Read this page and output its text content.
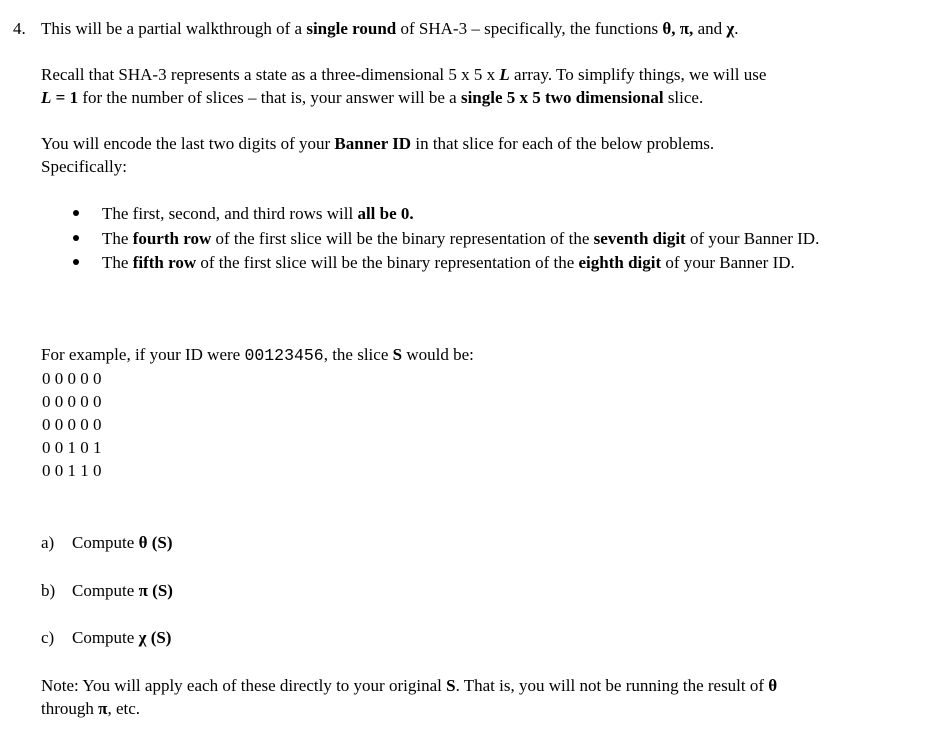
4. This will be a partial walkthrough of a single round of SHA-3 – specifically, the functions θ, π, and χ.
Recall that SHA-3 represents a state as a three-dimensional 5 x 5 x L array. To simplify things, we will use
L = 1 for the number of slices – that is, your answer will be a single 5 x 5 two dimensional slice.
You will encode the last two digits of your Banner ID in that slice for each of the below problems.
Specifically:
The first, second, and third rows will all be 0.
The fourth row of the first slice will be the binary representation of the seventh digit of your Banner ID.
The fifth row of the first slice will be the binary representation of the eighth digit of your Banner ID.
For example, if your ID were 00123456, the slice S would be:
0 0 0 0 0
0 0 0 0 0
0 0 0 0 0
0 0 1 0 1
0 0 1 1 0
a) Compute θ (S)
b) Compute π (S)
c) Compute χ (S)
Note: You will apply each of these directly to your original S. That is, you will not be running the result of θ
through π, etc.
